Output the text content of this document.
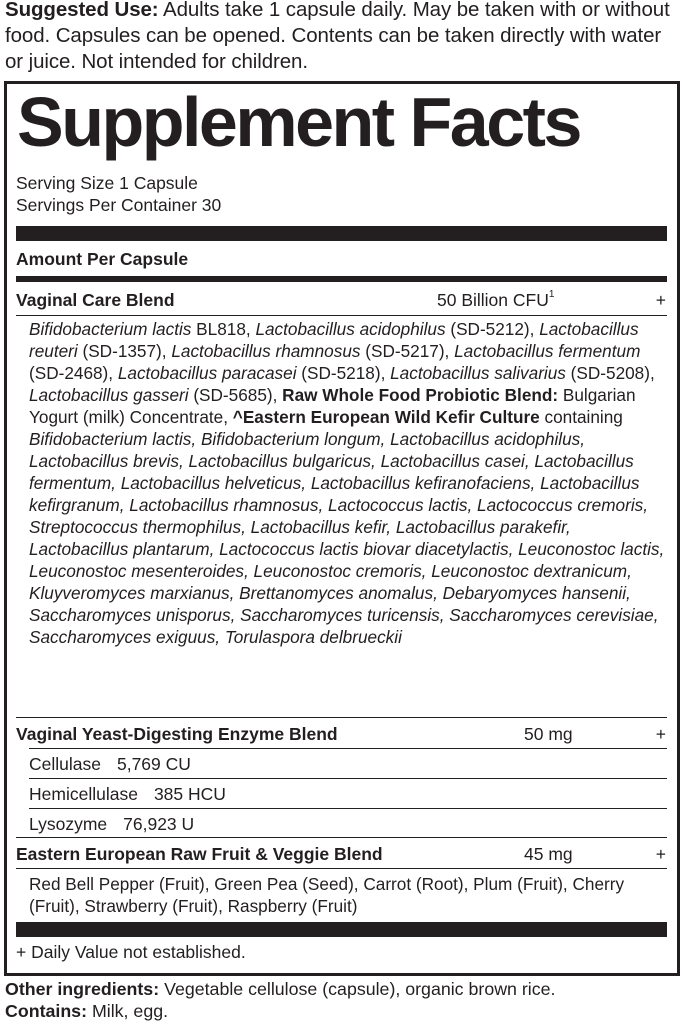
Suggested Use: Adults take 1 capsule daily. May be taken with or without food. Capsules can be opened. Contents can be taken directly with water or juice. Not intended for children.
Supplement Facts
Serving Size 1 Capsule
Servings Per Container 30
Amount Per Capsule
Vaginal Care Blend	50 Billion $CFU^1$	+
Bifidobacterium lactis BL818, Lactobacillus acidophilus (SD-5212), Lactobacillus reuteri (SD-1357), Lactobacillus rhamnosus (SD-5217), Lactobacillus fermentum (SD-2468), Lactobacillus paracasei (SD-5218), Lactobacillus salivarius (SD-5208), Lactobacillus gasseri (SD-5685), Raw Whole Food Probiotic Blend: Bulgarian Yogurt (milk) Concentrate, ^Eastern European Wild Kefir Culture containing Bifidobacterium lactis, Bifidobacterium longum, Lactobacillus acidophilus, Lactobacillus brevis, Lactobacillus bulgaricus, Lactobacillus casei, Lactobacillus fermentum, Lactobacillus helveticus, Lactobacillus kefiranofaciens, Lactobacillus kefirgranum, Lactobacillus rhamnosus, Lactococcus lactis, Lactococcus cremoris, Streptococcus thermophilus, Lactobacillus kefir, Lactobacillus parakefir, Lactobacillus plantarum, Lactococcus lactis biovar diacetylactis, Leuconostoc lactis, Leuconostoc mesenteroides, Leuconostoc cremoris, Leuconostoc dextranicum, Kluyveromyces marxianus, Brettanomyces anomalus, Debaryomyces hansenii, Saccharomyces unisporus, Saccharomyces turicensis, Saccharomyces cerevisiae, Saccharomyces exiguus, Torulaspora delbrueckii
Vaginal Yeast-Digesting Enzyme Blend	50 mg	+
Cellulase 5,769 CU
Hemicellulase 385 HCU
Lysozyme 76,923 U
Eastern European Raw Fruit & Veggie Blend	45 mg	+
Red Bell Pepper (Fruit), Green Pea (Seed), Carrot (Root), Plum (Fruit), Cherry (Fruit), Strawberry (Fruit), Raspberry (Fruit)
+ Daily Value not established.
Other ingredients: Vegetable cellulose (capsule), organic brown rice.
Contains: Milk, egg.
